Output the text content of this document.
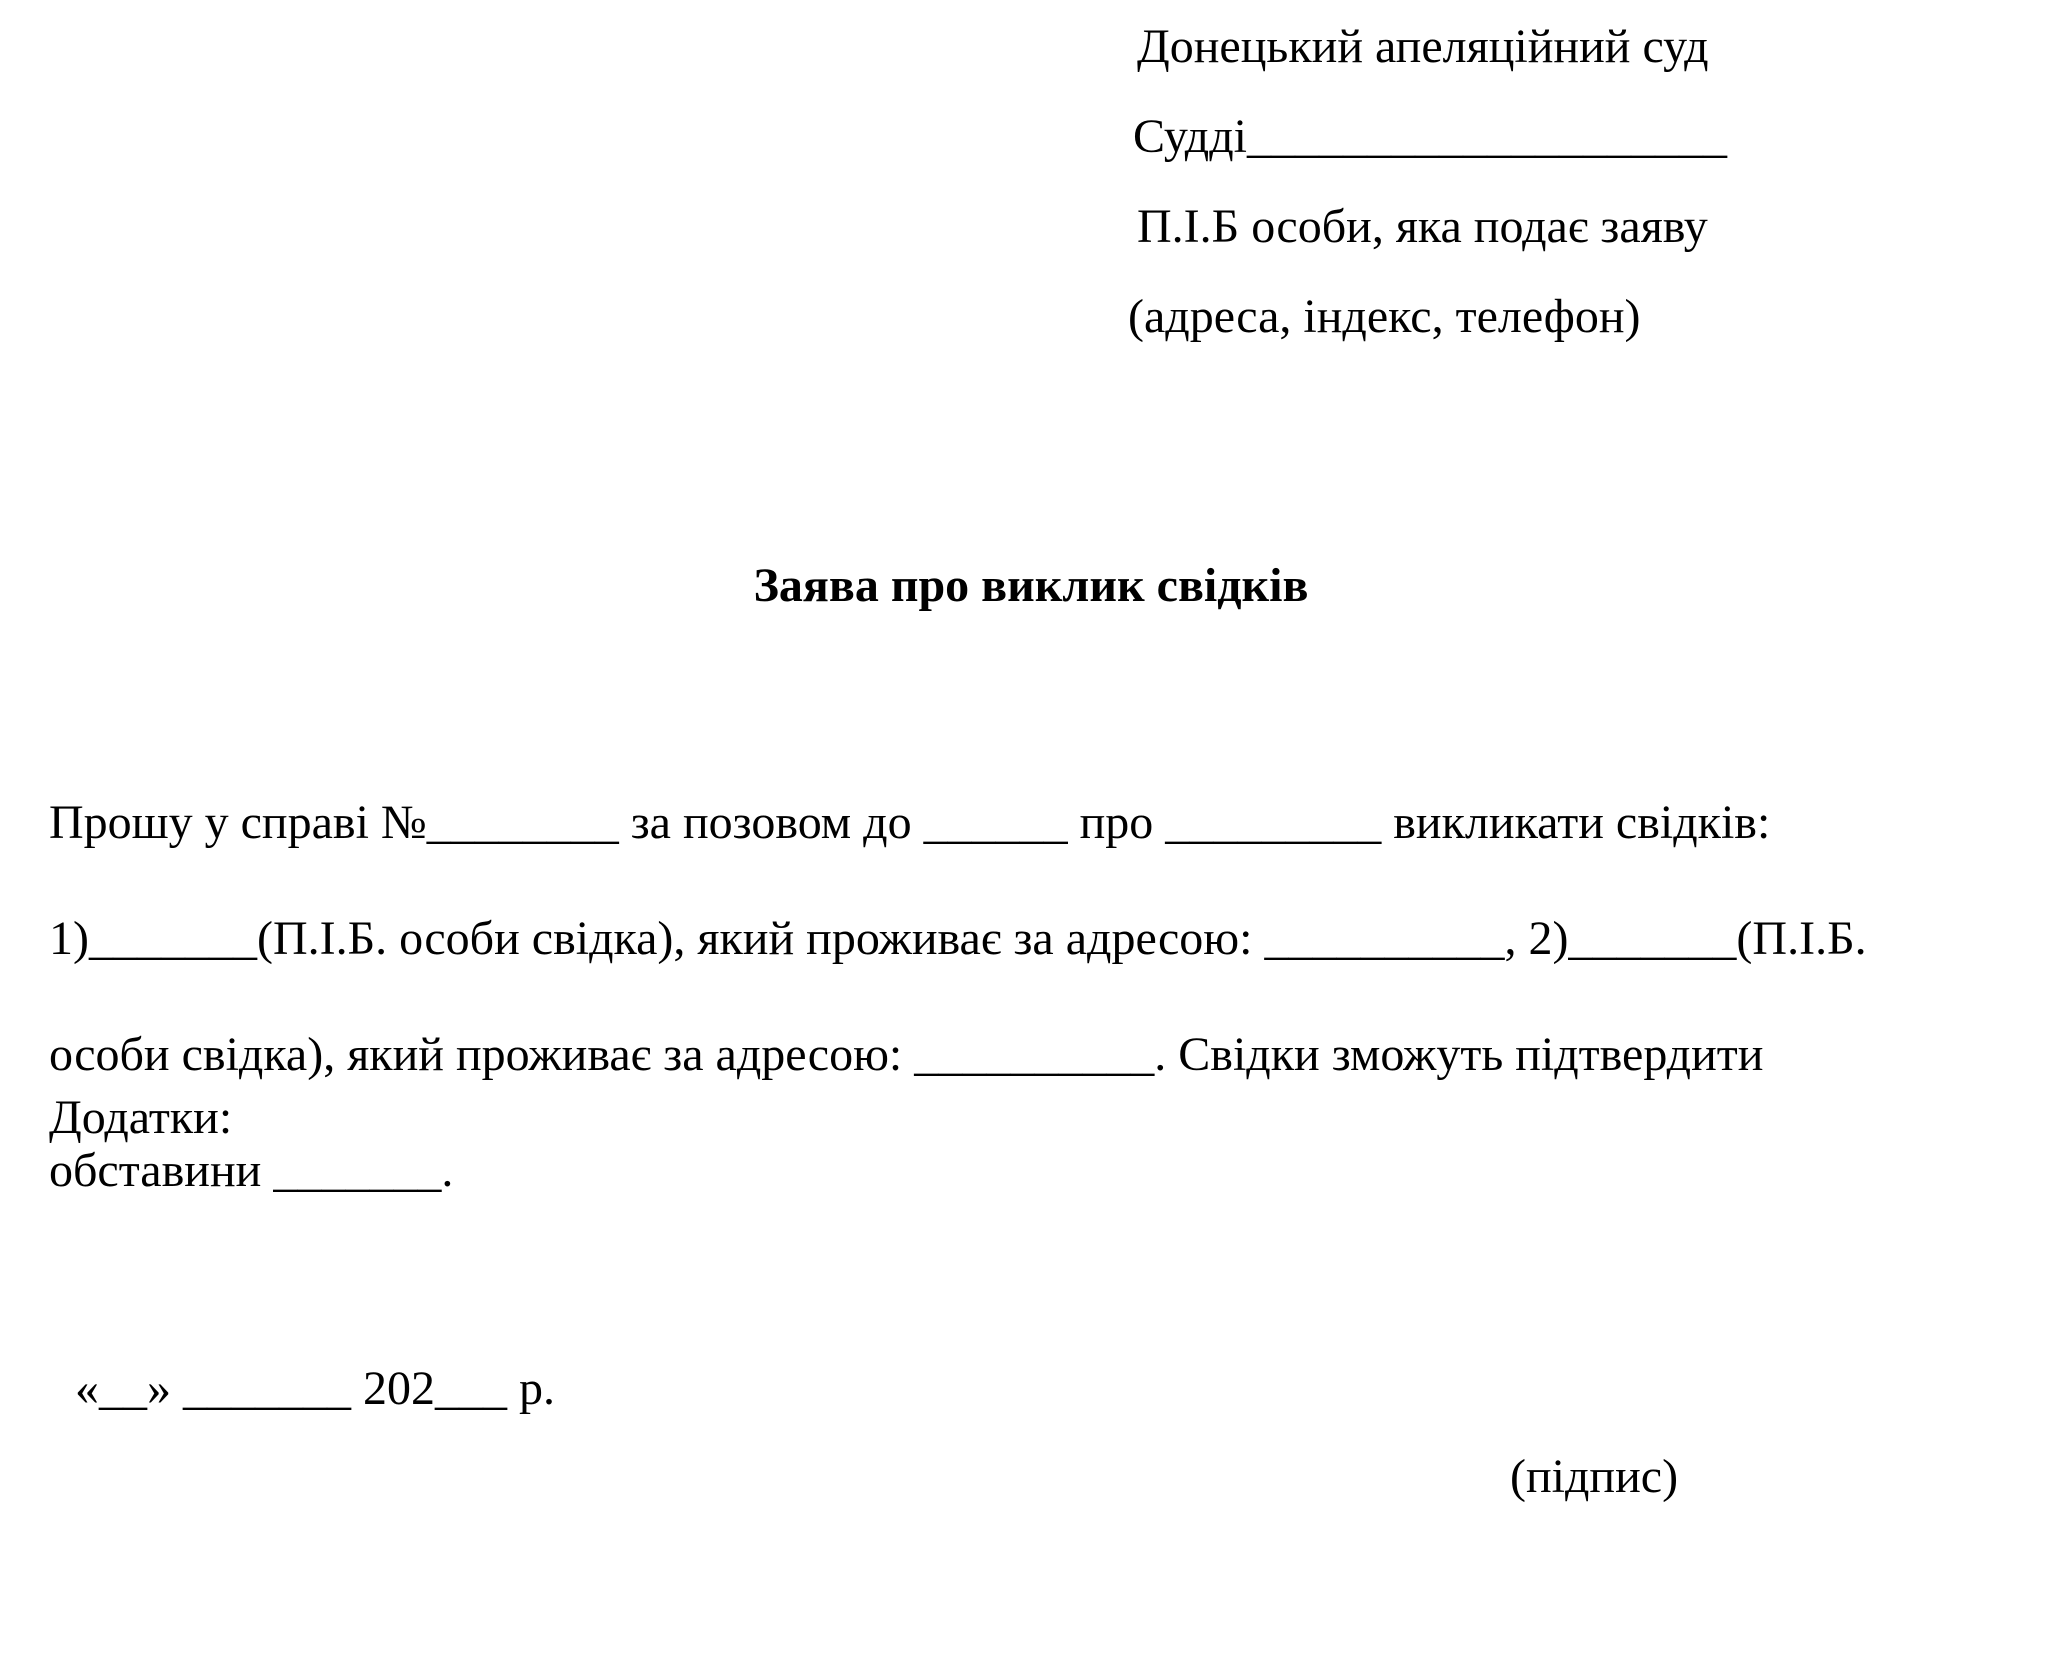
Донецький апеляційний суд
Судді____________________
П.І.Б особи, яка подає заяву
(адреса, індекс, телефон)
Заява про виклик свідків

Прошу у справі №________ за позовом до ______ про _________ викликати свідків:

1)_______(П.І.Б. особи свідка), який проживає за адресою: __________, 2)_______(П.І.Б.

особи свідка), який проживає за адресою: __________. Свідки зможуть підтвердити

обставини _______.

Додатки:
«__» _______ 202___ р.
(підпис)
